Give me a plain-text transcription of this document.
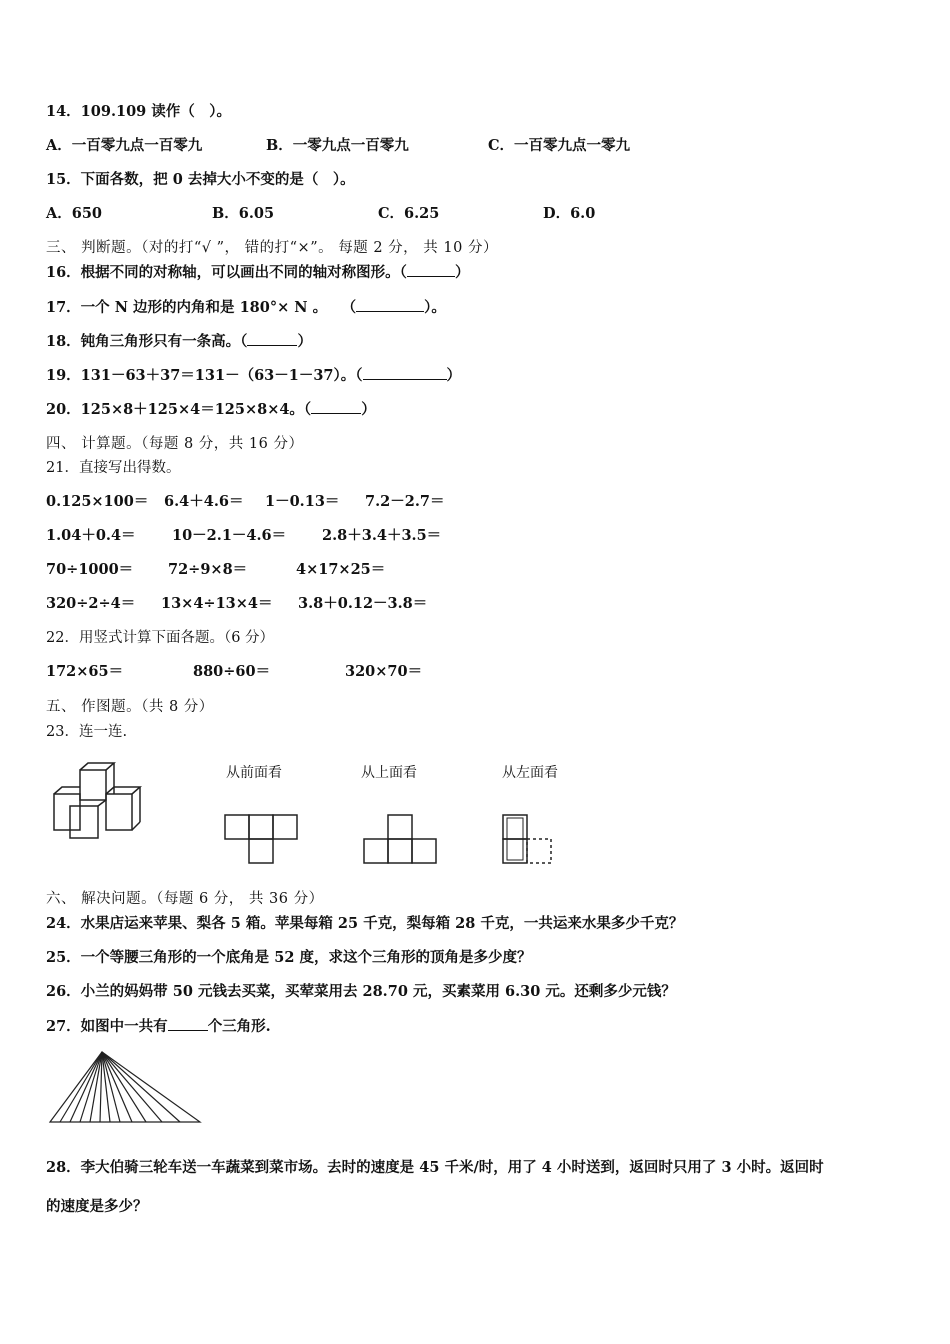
14．109.109 读作（　）。
A．一百零九点一百零九	B．一零九点一百零九	C．一百零九点一零九
15．下面各数，把 0 去掉大小不变的是（　）。
A．650	B．6.05	C．6.25	D．6.0
三、 判断题。（对的打“√ ”， 错的打“×”。 每题 2 分， 共 10 分）
16．根据不同的对称轴，可以画出不同的轴对称图形。（	）
17．一个 N 边形的内角和是 180°× N 。　　（	）。
18．钝角三角形只有一条高。（	）
19．131－63＋37＝131－（63－1－37）。（	）
20．125×8＋125×4＝125×8×4。（	）
四、 计算题。（每题 8 分，共 16 分）
21．直接写出得数。
0.125×100＝ 6.4＋4.6＝ 1－0.13＝ 7.2－2.7＝
1.04＋0.4＝	10－2.1－4.6＝ 2.8＋3.4＋3.5＝
70÷1000＝ 72÷9×8＝	4×17×25＝
320÷2÷4＝ 13×4÷13×4＝ 3.8＋0.12－3.8＝
22．用竖式计算下面各题。（6 分）
172×65＝	880÷60＝	320×70＝
五、 作图题。（共 8 分）
23．连一连.
从前面看	从上面看	从左面看
六、 解决问题。（每题 6 分， 共 36 分）
24．水果店运来苹果、梨各 5 箱。苹果每箱 25 千克，梨每箱 28 千克，一共运来水果多少千克？
25．一个等腰三角形的一个底角是 52 度，求这个三角形的顶角是多少度？
26．小兰的妈妈带 50 元钱去买菜，买荤菜用去 28.70 元，买素菜用 6.30 元。还剩多少元钱？
27．如图中一共有	个三角形.
28．李大伯骑三轮车送一车蔬菜到菜市场。去时的速度是 45 千米/时，用了 4 小时送到，返回时只用了 3 小时。返回时
的速度是多少？
